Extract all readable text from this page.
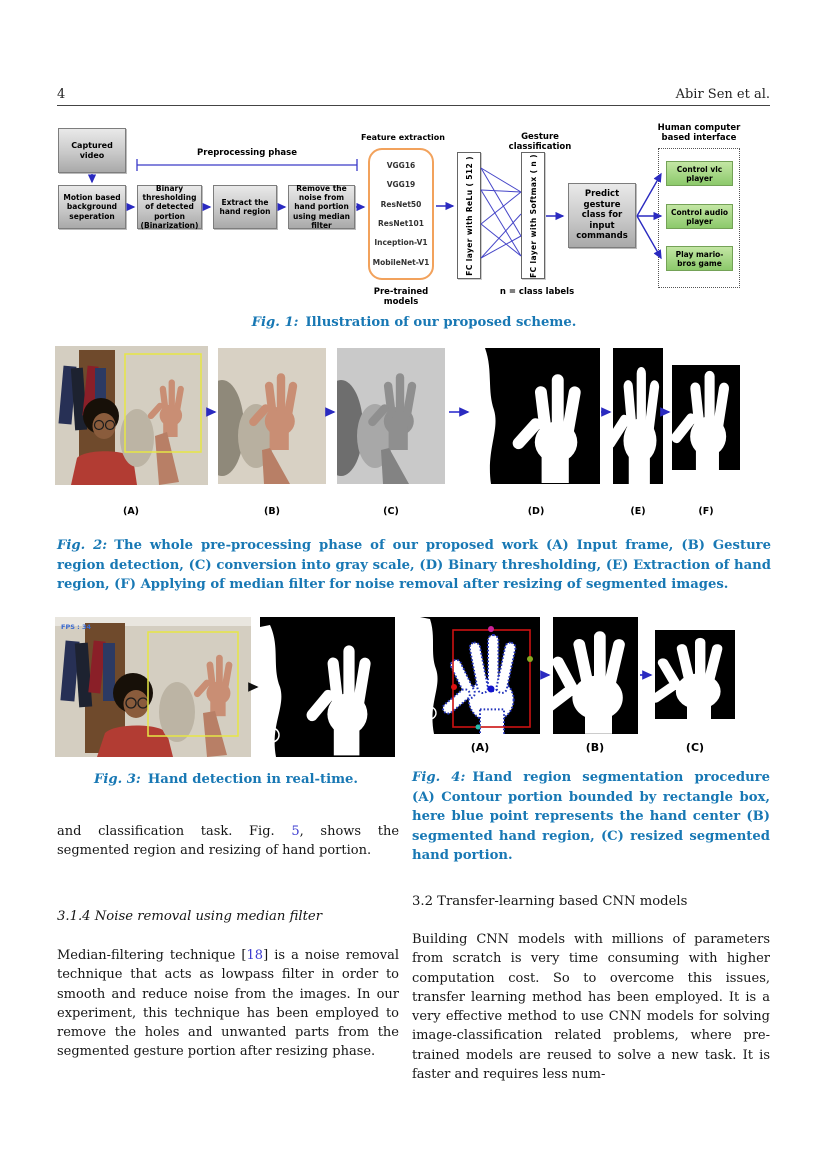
4	Abir Sen et al.
Captured video
Motion based background seperation
Preprocessing phase
Binary thresholding of detected portion (Binarization)
Extract the hand region
Remove the noise from hand portion using median filter
Feature extraction
VGG16
VGG19
ResNet50
ResNet101
Inception-V1
MobileNet-V1
Pre-trained models
Gesture classification
FC layer with ReLu ( 512 )	FC layer with Softmax ( n )
n = class labels
Predict gesture class for input commands
Human computer based interface
Control vlc player
Control audio player
Play mario-bros game
Fig. 1: Illustration of our proposed scheme.
(A)	(B)	(C)	(D)	(E)	(F)
Fig. 2: The whole pre-processing phase of our proposed work (A) Input frame, (B) Gesture region detection, (C) conversion into gray scale, (D) Binary thresholding, (E) Extraction of hand region, (F) Applying of median filter for noise removal after resizing of segmented images.
FPS : 34
Fig. 3: Hand detection in real-time.
(A)	(B)	(C)
Fig. 4: Hand region segmentation procedure (A) Contour portion bounded by rectangle box, here blue point represents the hand center (B) segmented hand region, (C) resized segmented hand portion.
and classification task. Fig. 5, shows the segmented region and resizing of hand portion.
3.1.4 Noise removal using median filter
Median-filtering technique [18] is a noise removal technique that acts as lowpass filter in order to smooth and reduce noise from the images. In our experiment, this technique has been employed to remove the holes and unwanted parts from the segmented gesture portion after resizing phase.
3.2 Transfer-learning based CNN models
Building CNN models with millions of parameters from scratch is very time consuming with higher computation cost. So to overcome this issues, transfer learning method has been employed. It is a very effective method to use CNN models for solving image-classification related problems, where pre-trained models are reused to solve a new task. It is faster and requires less num-
